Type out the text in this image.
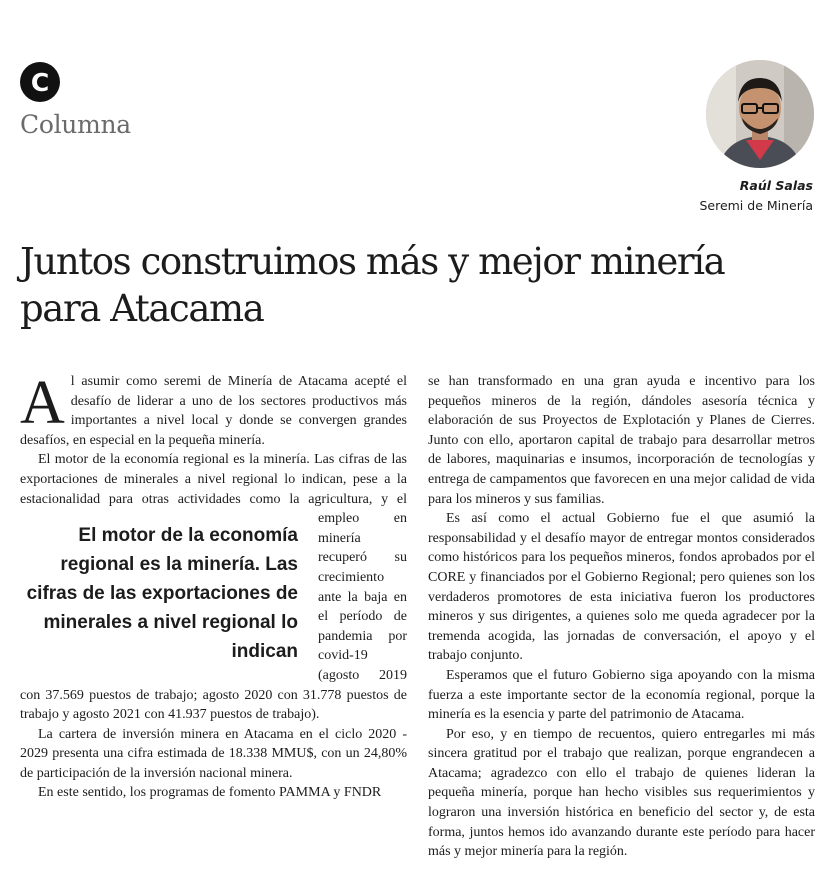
C
Columna
Raúl Salas
Seremi de Minería
Juntos construimos más y mejor minería para Atacama

Al asumir como seremi de Minería de Atacama acepté el desafío de liderar a uno de los sectores productivos más importantes a nivel local y donde se convergen grandes desafíos, en especial en la pequeña minería.

El motor de la economía regional es la minería. Las cifras de las exportaciones de minerales a nivel regional lo indican, pese a la estacionalidad para otras actividades como la agricultura, y
El motor de la economía regional es la minería. Las cifras de las exportaciones de minerales a nivel regional lo indican
el empleo en minería recuperó su crecimiento ante la baja en el período de pandemia por covid-19 (agosto 2019 con 37.569 puestos de trabajo; agosto 2020 con 31.778 puestos de trabajo y agosto 2021 con 41.937 puestos de trabajo).

La cartera de inversión minera en Atacama en el ciclo 2020 - 2029 presenta una cifra estimada de 18.338 MMU$, con un 24,80% de participación de la inversión nacional minera.

En este sentido, los programas de fomento PAMMA y FNDR

se han transformado en una gran ayuda e incentivo para los pequeños mineros de la región, dándoles asesoría técnica y elaboración de sus Proyectos de Explotación y Planes de Cierres. Junto con ello, aportaron capital de trabajo para desarrollar metros de labores, maquinarias e insumos, incorporación de tecnologías y entrega de campamentos que favorecen en una mejor calidad de vida para los mineros y sus familias.

Es así como el actual Gobierno fue el que asumió la responsabilidad y el desafío mayor de entregar montos considerados como históricos para los pequeños mineros, fondos aprobados por el CORE y financiados por el Gobierno Regional; pero quienes son los verdaderos promotores de esta iniciativa fueron los productores mineros y sus dirigentes, a quienes solo me queda agradecer por la tremenda acogida, las jornadas de conversación, el apoyo y el trabajo conjunto.

Esperamos que el futuro Gobierno siga apoyando con la misma fuerza a este importante sector de la economía regional, porque la minería es la esencia y parte del patrimonio de Atacama.

Por eso, y en tiempo de recuentos, quiero entregarles mi más sincera gratitud por el trabajo que realizan, porque engrandecen a Atacama; agradezco con ello el trabajo de quienes lideran la pequeña minería, porque han hecho visibles sus requerimientos y lograron una inversión histórica en beneficio del sector y, de esta forma, juntos hemos ido avanzando durante este período para hacer más y mejor minería para la región.
